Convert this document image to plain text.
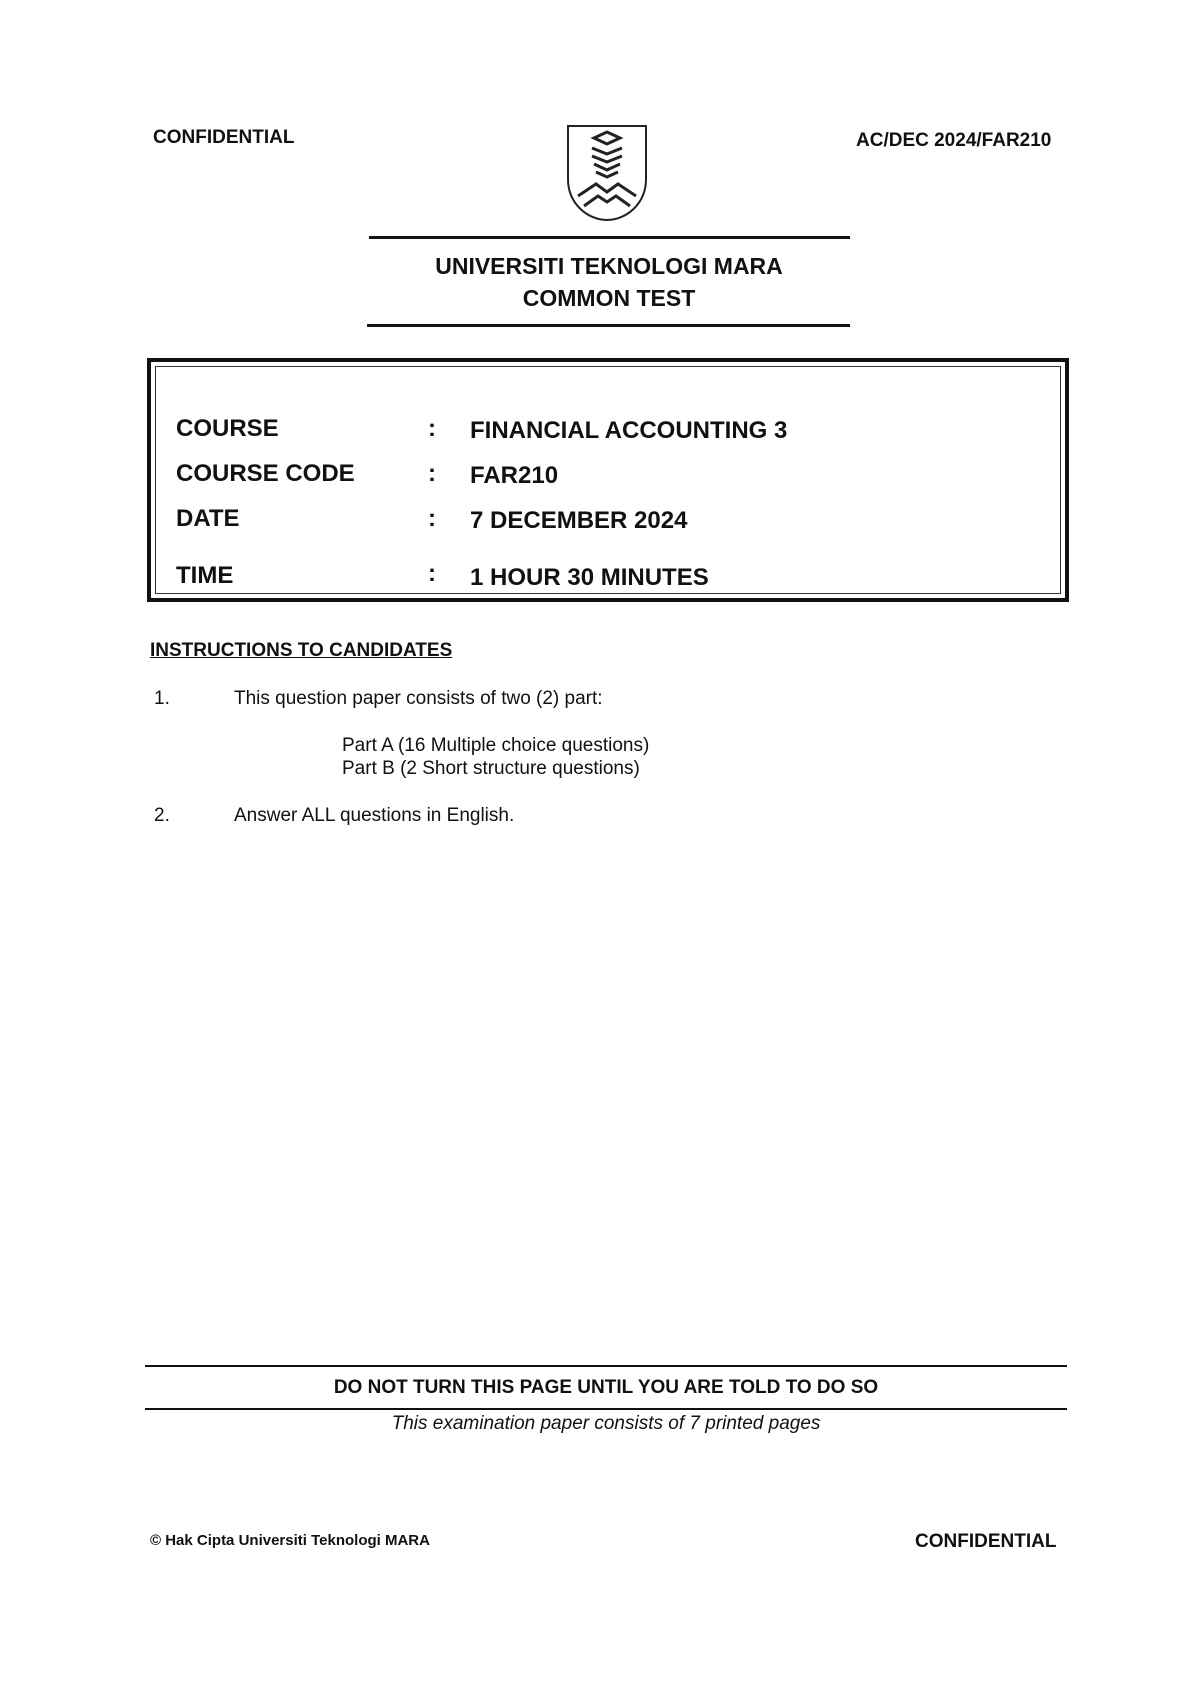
CONFIDENTIAL	AC/DEC 2024/FAR210
UNIVERSITI TEKNOLOGI MARA
COMMON TEST
COURSE	: FINANCIAL ACCOUNTING 3
COURSE CODE	: FAR210
DATE	: 7 DECEMBER 2024
TIME	: 1 HOUR 30 MINUTES
INSTRUCTIONS TO CANDIDATES
1.	This question paper consists of two (2) part:
Part A (16 Multiple choice questions)
Part B (2 Short structure questions)
2.	Answer ALL questions in English.
DO NOT TURN THIS PAGE UNTIL YOU ARE TOLD TO DO SO
This examination paper consists of 7 printed pages
© Hak Cipta Universiti Teknologi MARA	CONFIDENTIAL
